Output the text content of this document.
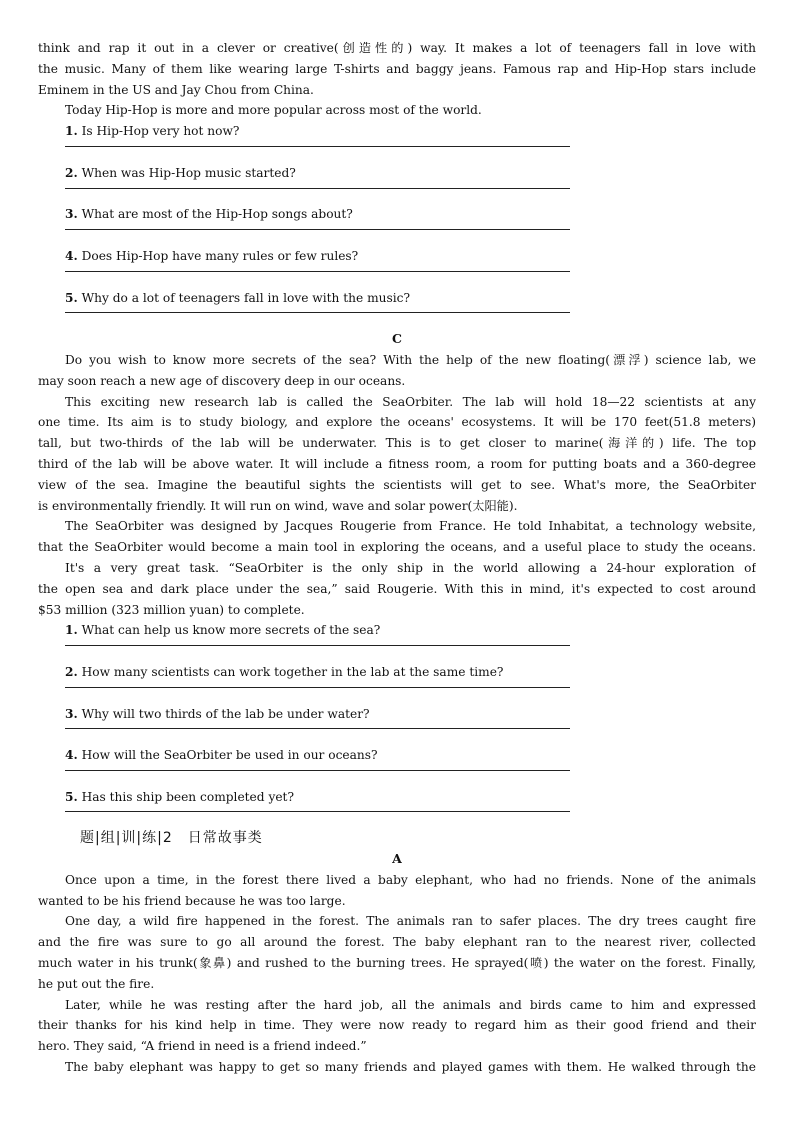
think and rap it out in a clever or creative(创造性的) way. It makes a lot of teenagers fall in love with
the music. Many of them like wearing large T-shirts and baggy jeans. Famous rap and Hip-Hop stars include
Eminem in the US and Jay Chou from China.
Today Hip-Hop is more and more popular across most of the world.
1. Is Hip-Hop very hot now?
2. When was Hip-Hop music started?
3. What are most of the Hip-Hop songs about?
4. Does Hip-Hop have many rules or few rules?
5. Why do a lot of teenagers fall in love with the music?
C
Do you wish to know more secrets of the sea? With the help of the new floating(漂浮) science lab, we
may soon reach a new age of discovery deep in our oceans.
This exciting new research lab is called the SeaOrbiter. The lab will hold 18—22 scientists at any
one time. Its aim is to study biology, and explore the oceans' ecosystems. It will be 170 feet(51.8 meters)
tall, but two-thirds of the lab will be underwater. This is to get closer to marine(海洋的) life. The top
third of the lab will be above water. It will include a fitness room, a room for putting boats and a 360-degree
view of the sea. Imagine the beautiful sights the scientists will get to see. What's more, the SeaOrbiter
is environmentally friendly. It will run on wind, wave and solar power(太阳能).
The SeaOrbiter was designed by Jacques Rougerie from France. He told Inhabitat, a technology website,
that the SeaOrbiter would become a main tool in exploring the oceans, and a useful place to study the oceans.
It's a very great task. “SeaOrbiter is the only ship in the world allowing a 24-hour exploration of
the open sea and dark place under the sea,” said Rougerie. With this in mind, it's expected to cost around
$53 million (323 million yuan) to complete.
1. What can help us know more secrets of the sea?
2. How many scientists can work together in the lab at the same time?
3. Why will two thirds of the lab be under water?
4. How will the SeaOrbiter be used in our oceans?
5. Has this ship been completed yet?
题|组|训|练|2　日常故事类
A
Once upon a time, in the forest there lived a baby elephant, who had no friends. None of the animals
wanted to be his friend because he was too large.
One day, a wild fire happened in the forest. The animals ran to safer places. The dry trees caught fire
and the fire was sure to go all around the forest. The baby elephant ran to the nearest river, collected
much water in his trunk(象鼻) and rushed to the burning trees. He sprayed(喷) the water on the forest. Finally,
he put out the fire.
Later, while he was resting after the hard job, all the animals and birds came to him and expressed
their thanks for his kind help in time. They were now ready to regard him as their good friend and their
hero. They said, “A friend in need is a friend indeed.”
The baby elephant was happy to get so many friends and played games with them. He walked through the
